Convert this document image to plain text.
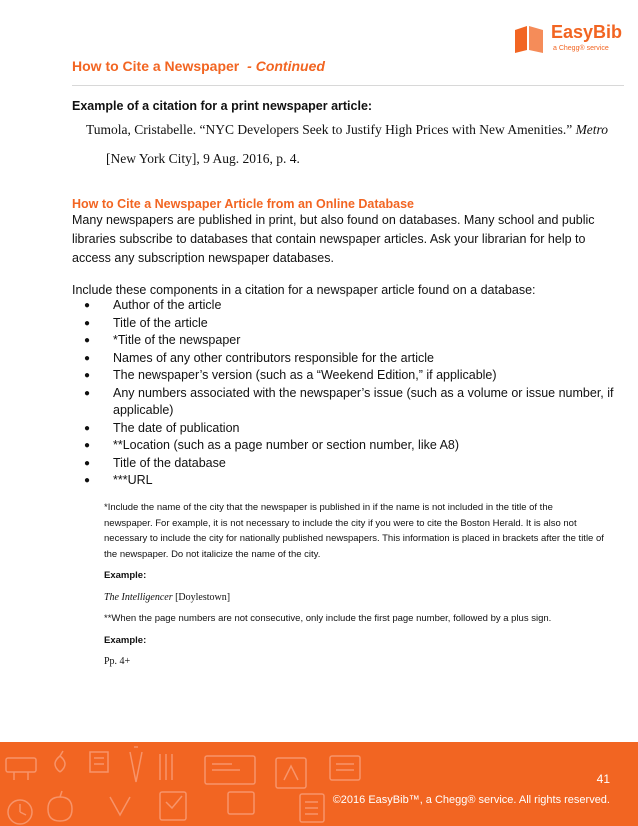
EasyBib
a Chegg® service
How to Cite a Newspaper - Continued
Example of a citation for a print newspaper article:
Tumola, Cristabelle. “NYC Developers Seek to Justify High Prices with New Amenities.” Metro
[New York City], 9 Aug. 2016, p. 4.
How to Cite a Newspaper Article from an Online Database

Many newspapers are published in print, but also found on databases. Many school and public libraries subscribe to databases that contain newspaper articles. Ask your librarian for help to access any subscription newspaper databases.

Include these components in a citation for a newspaper article found on a database:

● Author of the article
● Title of the article
● *Title of the newspaper
● Names of any other contributors responsible for the article
● The newspaper’s version (such as a “Weekend Edition,” if applicable)
● Any numbers associated with the newspaper’s issue (such as a volume or issue number, if applicable)
● The date of publication
● **Location (such as a page number or section number, like A8)
● Title of the database
● ***URL

*Include the name of the city that the newspaper is published in if the name is not included in the title of the newspaper. For example, it is not necessary to include the city if you were to cite the Boston Herald. It is also not necessary to include the city for nationally published newspapers. This information is placed in brackets after the title of the newspaper. Do not italicize the name of the city.

Example:

The Intelligencer [Doylestown]

**When the page numbers are not consecutive, only include the first page number, followed by a plus sign.

Example:

Pp. 4+

41
©2016 EasyBib™, a Chegg® service. All rights reserved.
